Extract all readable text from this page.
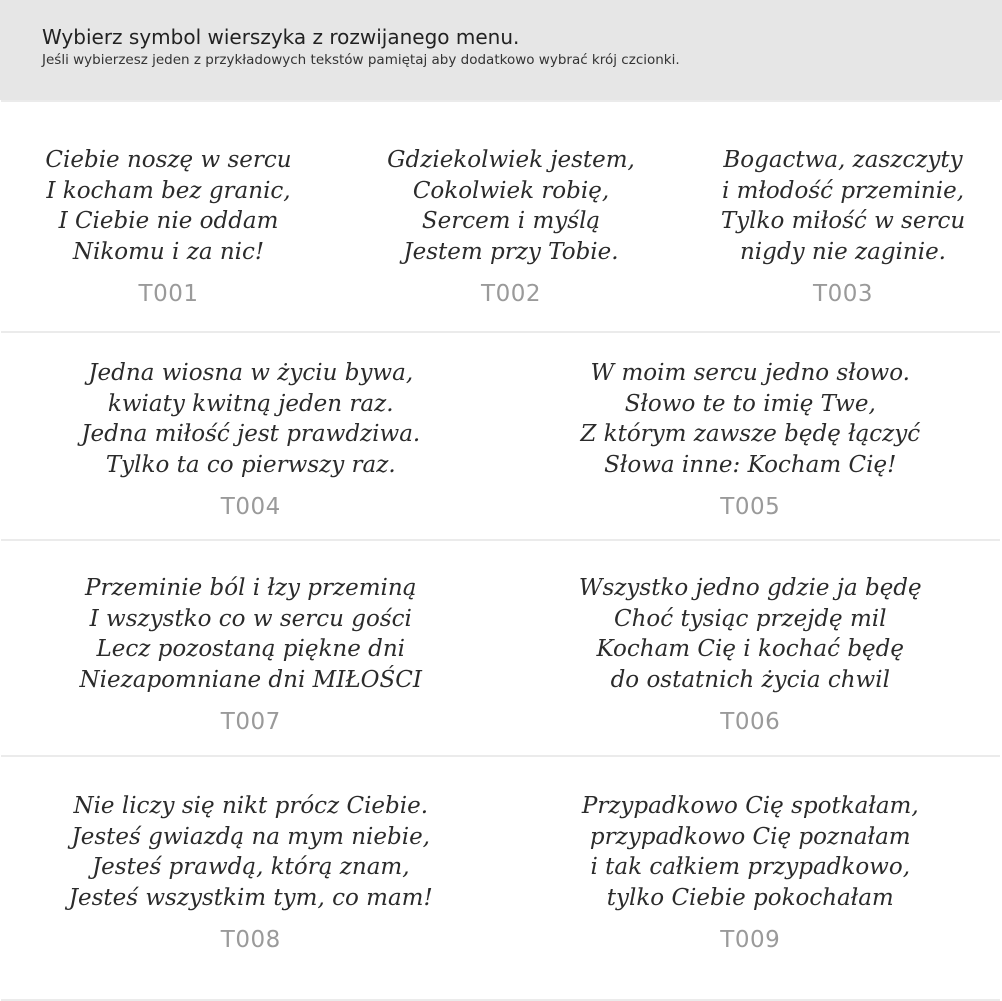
Wybierz symbol wierszyka z rozwijanego menu.

Jeśli wybierzesz jeden z przykładowych tekstów pamiętaj aby dodatkowo wybrać krój czcionki.

Ciebie noszę w sercu
I kocham bez granic,
I Ciebie nie oddam
Nikomu i za nic!

T001

Gdziekolwiek jestem,
Cokolwiek robię,
Sercem i myślą
Jestem przy Tobie.

T002

Bogactwa, zaszczyty
i młodość przeminie,
Tylko miłość w sercu
nigdy nie zaginie.

T003

Jedna wiosna w życiu bywa,
kwiaty kwitną jeden raz.
Jedna miłość jest prawdziwa.
Tylko ta co pierwszy raz.

T004

W moim sercu jedno słowo.
Słowo te to imię Twe,
Z którym zawsze będę łączyć
Słowa inne: Kocham Cię!

T005

Przeminie ból i łzy przeminą
I wszystko co w sercu gości
Lecz pozostaną piękne dni
Niezapomniane dni MIŁOŚCI

T007

Wszystko jedno gdzie ja będę
Choć tysiąc przejdę mil
Kocham Cię i kochać będę
do ostatnich życia chwil

T006

Nie liczy się nikt prócz Ciebie.
Jesteś gwiazdą na mym niebie,
Jesteś prawdą, którą znam,
Jesteś wszystkim tym, co mam!

T008

Przypadkowo Cię spotkałam,
przypadkowo Cię poznałam
i tak całkiem przypadkowo,
tylko Ciebie pokochałam

T009
